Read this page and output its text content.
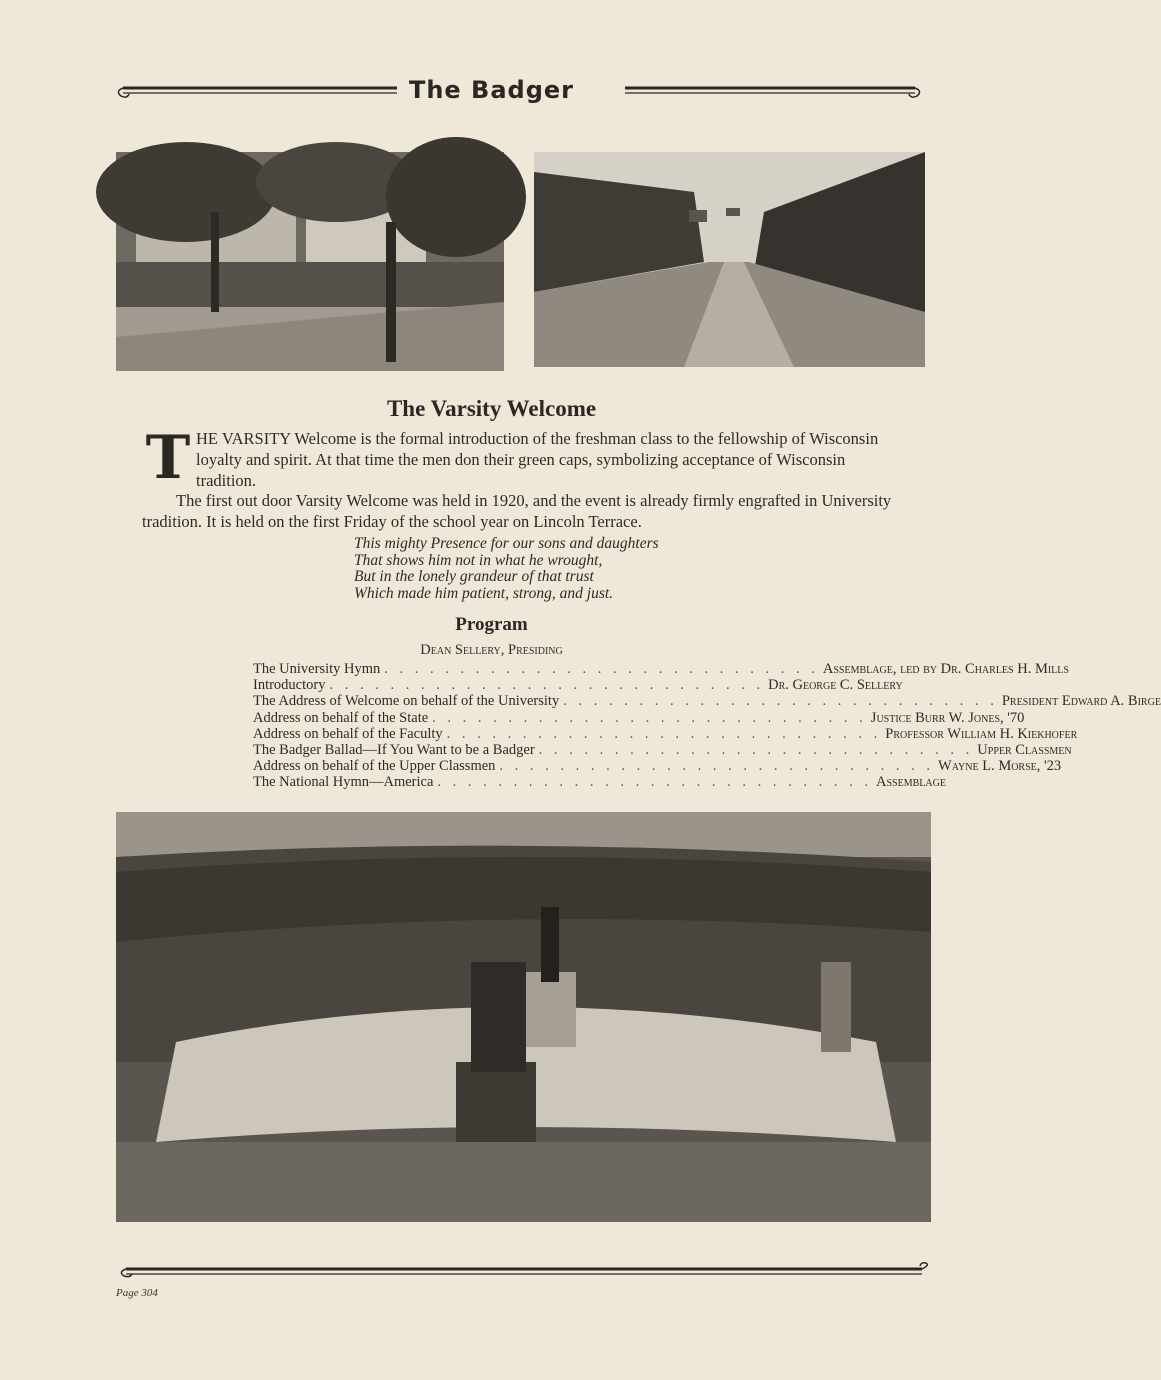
The Badger
The Varsity Welcome
T HE VARSITY Welcome is the formal introduction of the freshman class to the fellowship of Wisconsin loyalty and spirit. At that time the men don their green caps, symbolizing acceptance of Wisconsin tradition.
The first out door Varsity Welcome was held in 1920, and the event is already firmly engrafted in University tradition. It is held on the first Friday of the school year on Lincoln Terrace.
This mighty Presence for our sons and daughters
That shows him not in what he wrought,
But in the lonely grandeur of that trust
Which made him patient, strong, and just.
Program
Dean Sellery, Presiding
The University Hymn . . . . . . . . . . . . . . . . . . . . . . . . . . . . . Assemblage, led by Dr. Charles H. Mills
Introductory . . . . . . . . . . . . . . . . . . . . . . . . . . . . . Dr. George C. Sellery
The Address of Welcome on behalf of the University . . . . . . . . . . . . . . . . . . . . . . . . . . . . . President Edward A. Birge
Address on behalf of the State . . . . . . . . . . . . . . . . . . . . . . . . . . . . . Justice Burr W. Jones, '70
Address on behalf of the Faculty . . . . . . . . . . . . . . . . . . . . . . . . . . . . . Professor William H. Kiekhofer
The Badger Ballad—If You Want to be a Badger . . . . . . . . . . . . . . . . . . . . . . . . . . . . . Upper Classmen
Address on behalf of the Upper Classmen . . . . . . . . . . . . . . . . . . . . . . . . . . . . . Wayne L. Morse, '23
The National Hymn—America . . . . . . . . . . . . . . . . . . . . . . . . . . . . . Assemblage
Page 304
